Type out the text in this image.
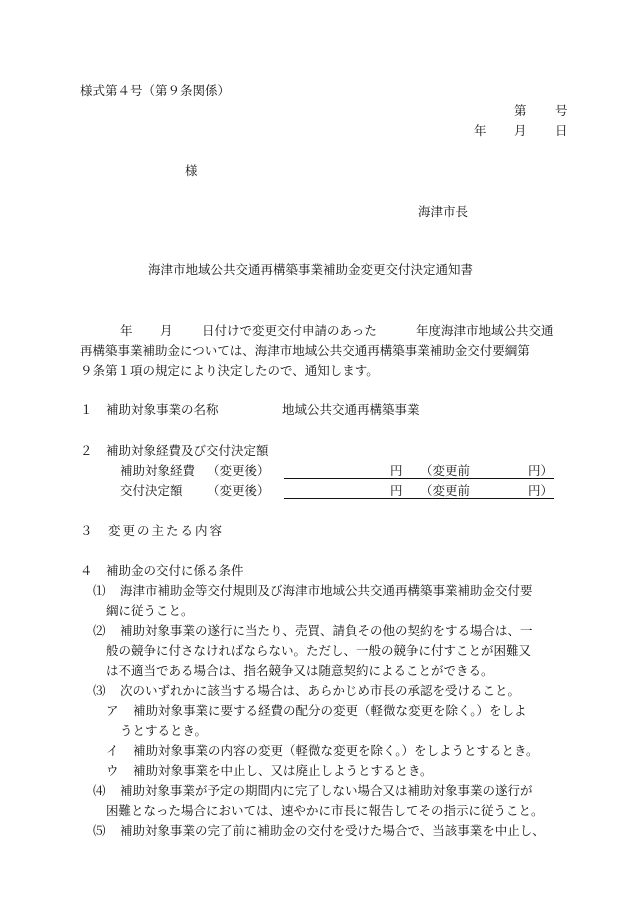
様式第４号（第９条関係）
第 号
年 月 日
様
海津市長
海津市地域公共交通再構築事業補助金変更交付決定通知書
年 月 日付けで変更交付申請のあった	年度海津市地域公共交通
再構築事業補助金については、海津市地域公共交通再構築事業補助金交付要綱第
９条第１項の規定により決定したので、通知します。
１ 補助対象事業の名称	地域公共交通再構築事業
２ 補助対象経費及び交付決定額
補助対象経費 （変更後）	円 （変更前	円）
交付決定額 （変更後）	円 （変更前	円）
３ 変更の主たる内容
４ 補助金の交付に係る条件
⑴ 海津市補助金等交付規則及び海津市地域公共交通再構築事業補助金交付要
綱に従うこと。
⑵ 補助対象事業の遂行に当たり、売買、請負その他の契約をする場合は、一
般の競争に付さなければならない。ただし、一般の競争に付すことが困難又
は不適当である場合は、指名競争又は随意契約によることができる。
⑶ 次のいずれかに該当する場合は、あらかじめ市長の承認を受けること。
ア 補助対象事業に要する経費の配分の変更（軽微な変更を除く。）をしよ
うとするとき。
イ 補助対象事業の内容の変更（軽微な変更を除く。）をしようとするとき。
ウ 補助対象事業を中止し、又は廃止しようとするとき。
⑷ 補助対象事業が予定の期間内に完了しない場合又は補助対象事業の遂行が
困難となった場合においては、速やかに市長に報告してその指示に従うこと。
⑸ 補助対象事業の完了前に補助金の交付を受けた場合で、当該事業を中止し、
